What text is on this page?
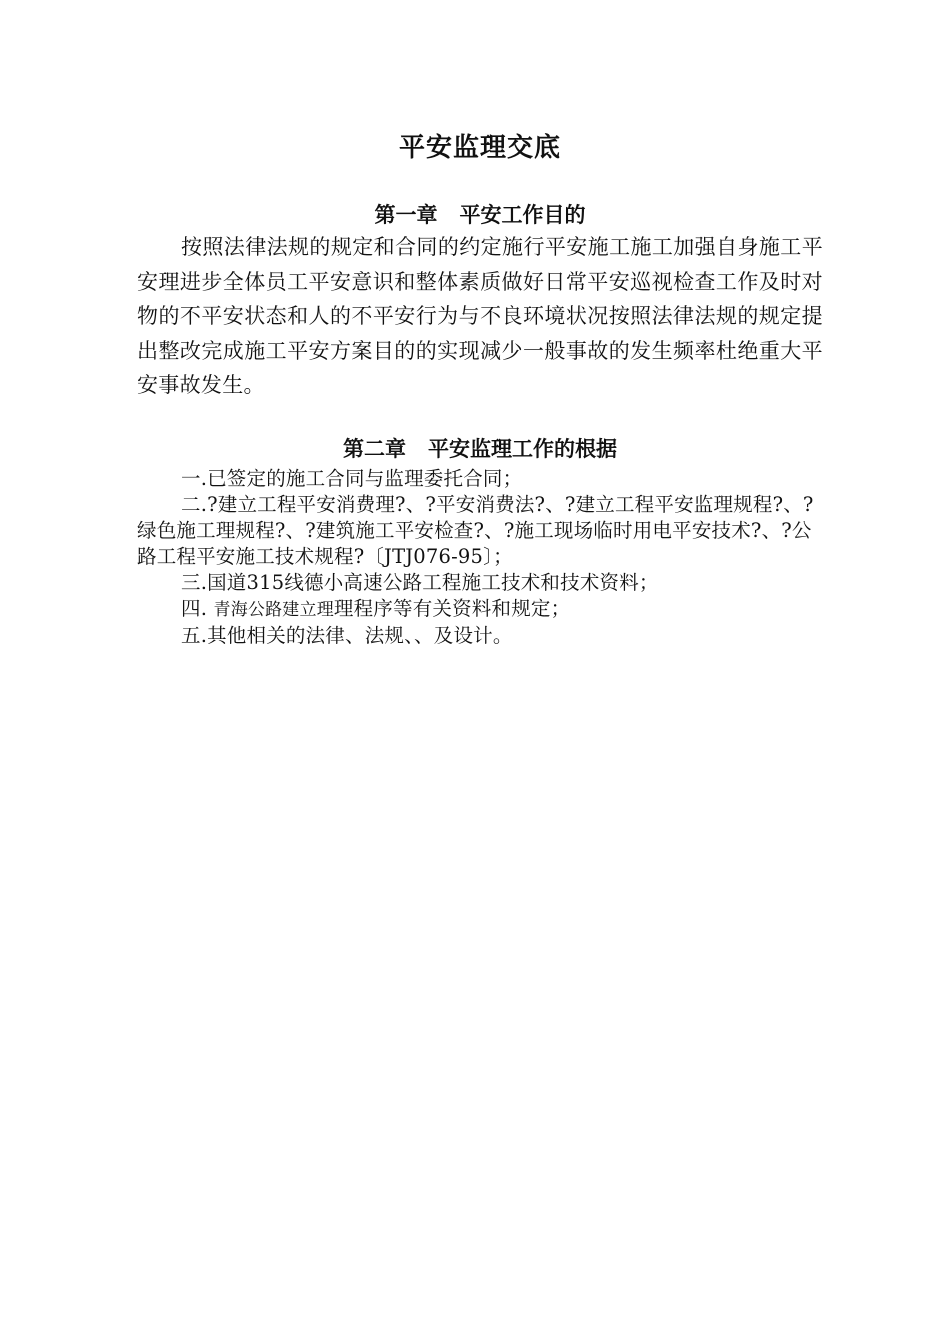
平安监理交底
第一章 平安工作目的

按照法律法规的规定和合同的约定施行平安施工施工加强自身施工平安理进步全体员工平安意识和整体素质做好日常平安巡视检查工作及时对物的不平安状态和人的不平安行为与不良环境状况按照法律法规的规定提出整改完成施工平安方案目的的实现减少一般事故的发生频率杜绝重大平安事故发生。

第二章 平安监理工作的根据
一.已签定的施工合同与监理委托合同；
二.?建立工程平安消费理?、?平安消费法?、?建立工程平安监理规程?、?绿色施工理规程?、?建筑施工平安检查?、?施工现场临时用电平安技术?、?公路工程平安施工技术规程?〔JTJ076-95〕；
三.国道315线德小高速公路工程施工技术和技术资料；
四. 青海公路建立理理程序等有关资料和规定；
五.其他相关的法律、法规、、及设计。
